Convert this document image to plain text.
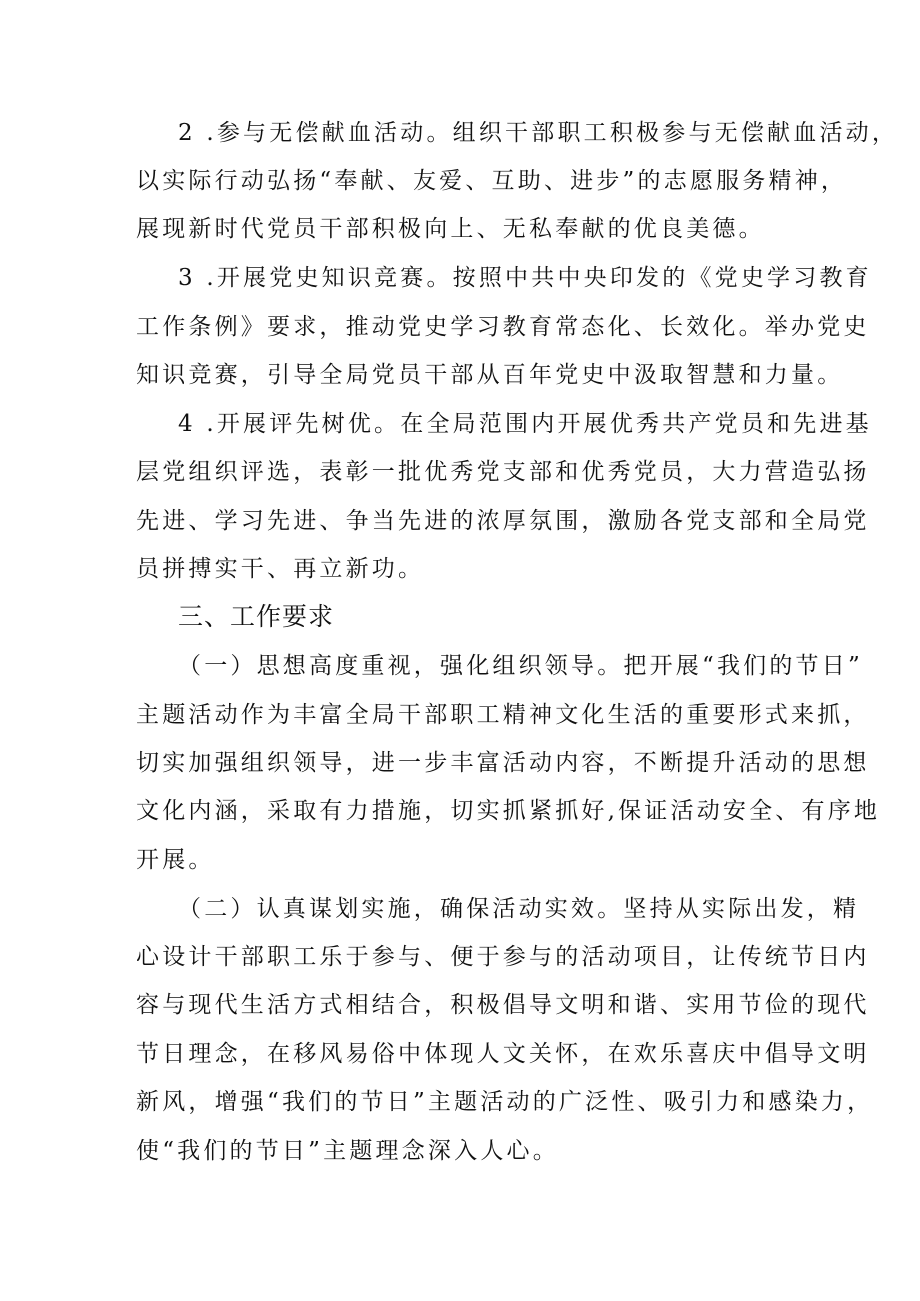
2 .参与无偿献血活动。组织干部职工积极参与无偿献血活动，
以实际行动弘扬“奉献、友爱、互助、进步”的志愿服务精神，
展现新时代党员干部积极向上、无私奉献的优良美德。
3 .开展党史知识竞赛。按照中共中央印发的《党史学习教育
工作条例》要求，推动党史学习教育常态化、长效化。举办党史
知识竞赛，引导全局党员干部从百年党史中汲取智慧和力量。
4 .开展评先树优。在全局范围内开展优秀共产党员和先进基
层党组织评选，表彰一批优秀党支部和优秀党员，大力营造弘扬
先进、学习先进、争当先进的浓厚氛围，激励各党支部和全局党
员拼搏实干、再立新功。
三、工作要求
（一）思想高度重视，强化组织领导。把开展“我们的节日”
主题活动作为丰富全局干部职工精神文化生活的重要形式来抓，
切实加强组织领导，进一步丰富活动内容，不断提升活动的思想
文化内涵，采取有力措施，切实抓紧抓好,保证活动安全、有序地
开展。
（二）认真谋划实施，确保活动实效。坚持从实际出发，精
心设计干部职工乐于参与、便于参与的活动项目，让传统节日内
容与现代生活方式相结合，积极倡导文明和谐、实用节俭的现代
节日理念，在移风易俗中体现人文关怀，在欢乐喜庆中倡导文明
新风，增强“我们的节日”主题活动的广泛性、吸引力和感染力，
使“我们的节日”主题理念深入人心。
